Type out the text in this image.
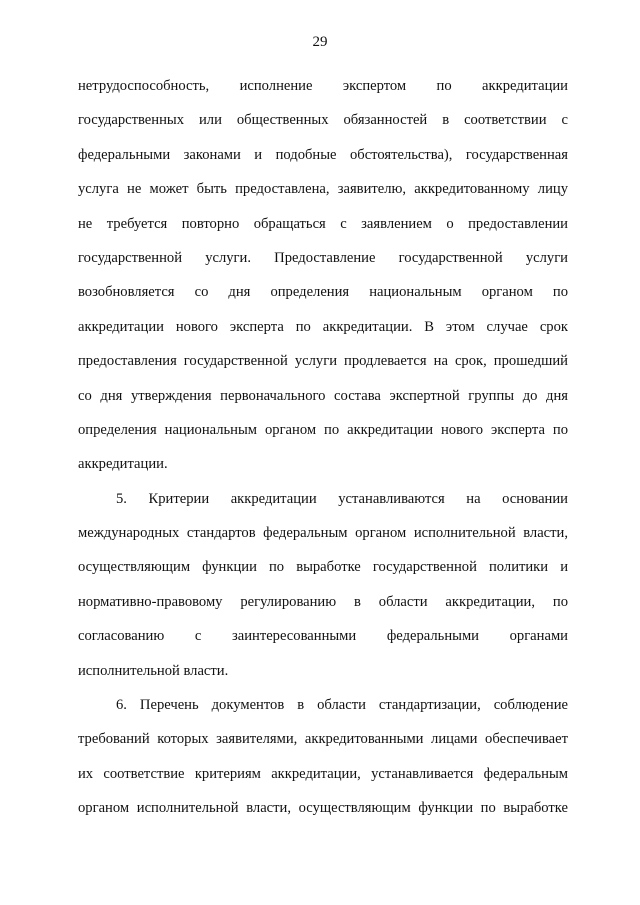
29
нетрудоспособность, исполнение экспертом по аккредитации
государственных или общественных обязанностей в соответствии с
федеральными законами и подобные обстоятельства), государственная
услуга не может быть предоставлена, заявителю, аккредитованному лицу
не требуется повторно обращаться с заявлением о предоставлении
государственной услуги. Предоставление государственной услуги
возобновляется со дня определения национальным органом по
аккредитации нового эксперта по аккредитации. В этом случае срок
предоставления государственной услуги продлевается на срок, прошедший
со дня утверждения первоначального состава экспертной группы до дня
определения национальным органом по аккредитации нового эксперта по
аккредитации.
5. Критерии аккредитации устанавливаются на основании
международных стандартов федеральным органом исполнительной власти,
осуществляющим функции по выработке государственной политики и
нормативно-правовому регулированию в области аккредитации, по
согласованию с заинтересованными федеральными органами
исполнительной власти.
6. Перечень документов в области стандартизации, соблюдение
требований которых заявителями, аккредитованными лицами обеспечивает
их соответствие критериям аккредитации, устанавливается федеральным
органом исполнительной власти, осуществляющим функции по выработке
